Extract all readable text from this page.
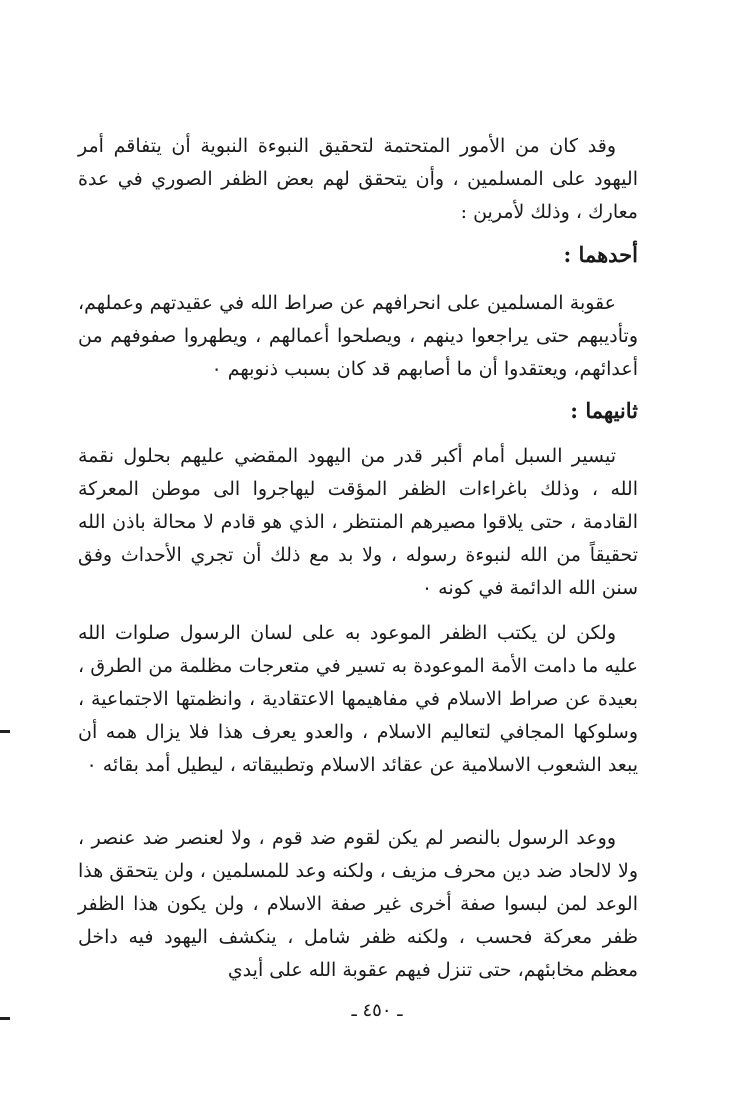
وقد كان من الأمور المتحتمة لتحقيق النبوءة النبوية أن يتفاقم أمر اليهود على المسلمين ، وأن يتحقق لهم بعض الظفر الصوري في عدة معارك ، وذلك لأمرين :

أحدهما :

عقوبة المسلمين على انحرافهم عن صراط الله في عقيدتهم وعملهم، وتأديبهم حتى يراجعوا دينهم ، ويصلحوا أعمالهم ، ويطهروا صفوفهم من أعدائهم، ويعتقدوا أن ما أصابهم قد كان بسبب ذنوبهم ٠

ثانيهما :

تيسير السبل أمام أكبر قدر من اليهود المقضي عليهم بحلول نقمة الله ، وذلك باغراءات الظفر المؤقت ليهاجروا الى موطن المعركة القادمة ، حتى يلاقوا مصيرهم المنتظر ، الذي هو قادم لا محالة باذن الله تحقيقاً من الله لنبوءة رسوله ، ولا بد مع ذلك أن تجري الأحداث وفق سنن الله الدائمة في كونه ٠

ولكن لن يكتب الظفر الموعود به على لسان الرسول صلوات الله عليه ما دامت الأمة الموعودة به تسير في متعرجات مظلمة من الطرق ، بعيدة عن صراط الاسلام في مفاهيمها الاعتقادية ، وانظمتها الاجتماعية ، وسلوكها المجافي لتعاليم الاسلام ، والعدو يعرف هذا فلا يزال همه أن يبعد الشعوب الاسلامية عن عقائد الاسلام وتطبيقاته ، ليطيل أمد بقائه ٠

ووعد الرسول بالنصر لم يكن لقوم ضد قوم ، ولا لعنصر ضد عنصر ، ولا لالحاد ضد دين محرف مزيف ، ولكنه وعد للمسلمين ، ولن يتحقق هذا الوعد لمن لبسوا صفة أخرى غير صفة الاسلام ، ولن يكون هذا الظفر ظفر معركة فحسب ، ولكنه ظفر شامل ، ينكشف اليهود فيه داخل معظم مخابئهم، حتى تنزل فيهم عقوبة الله على أيدي

ـ ٤٥٠ ـ
